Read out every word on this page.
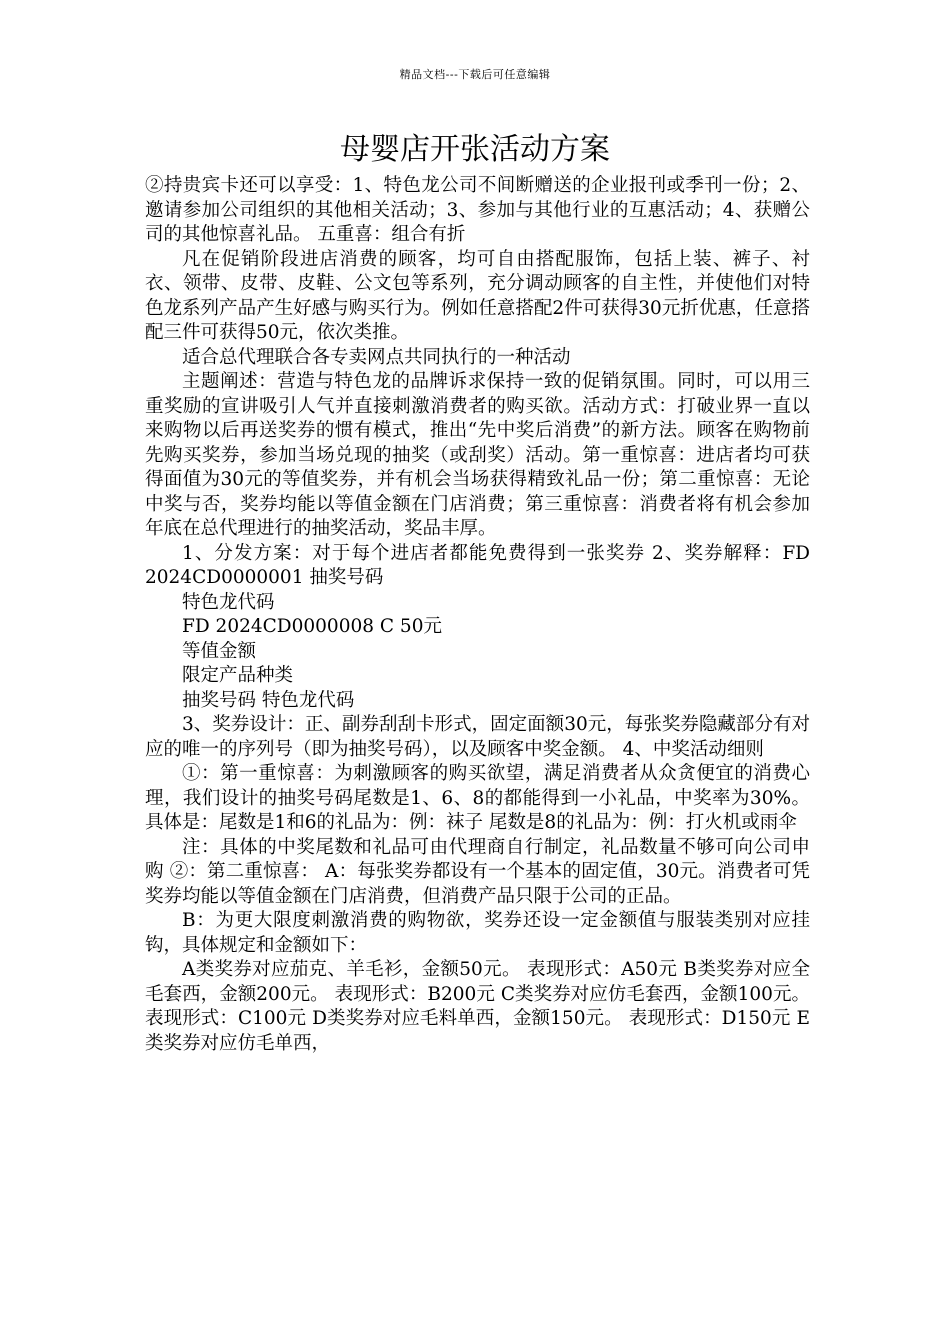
精品文档---下载后可任意编辑
母婴店开张活动方案

②持贵宾卡还可以享受：1、特色龙公司不间断赠送的企业报刊或季刊一份；2、邀请参加公司组织的其他相关活动；3、参加与其他行业的互惠活动；4、获赠公司的其他惊喜礼品。 五重喜：组合有折

凡在促销阶段进店消费的顾客，均可自由搭配服饰，包括上装、裤子、衬衣、领带、皮带、皮鞋、公文包等系列，充分调动顾客的自主性，并使他们对特色龙系列产品产生好感与购买行为。例如任意搭配2件可获得30元折优惠，任意搭配三件可获得50元，依次类推。

适合总代理联合各专卖网点共同执行的一种活动

主题阐述：营造与特色龙的品牌诉求保持一致的促销氛围。同时，可以用三重奖励的宣讲吸引人气并直接刺激消费者的购买欲。活动方式：打破业界一直以来购物以后再送奖券的惯有模式，推出“先中奖后消费”的新方法。顾客在购物前先购买奖券，参加当场兑现的抽奖（或刮奖）活动。第一重惊喜：进店者均可获得面值为30元的等值奖券，并有机会当场获得精致礼品一份；第二重惊喜：无论中奖与否，奖券均能以等值金额在门店消费；第三重惊喜：消费者将有机会参加年底在总代理进行的抽奖活动，奖品丰厚。

1、分发方案：对于每个进店者都能免费得到一张奖券 2、奖券解释：FD 2024CD0000001 抽奖号码

特色龙代码

FD 2024CD0000008 C 50元

等值金额

限定产品种类

抽奖号码 特色龙代码

3、奖券设计：正、副券刮刮卡形式，固定面额30元，每张奖券隐藏部分有对应的唯一的序列号（即为抽奖号码），以及顾客中奖金额。 4、中奖活动细则

①：第一重惊喜：为刺激顾客的购买欲望，满足消费者从众贪便宜的消费心理，我们设计的抽奖号码尾数是1、6、8的都能得到一小礼品，中奖率为30%。 具体是：尾数是1和6的礼品为：例：袜子 尾数是8的礼品为：例：打火机或雨伞

注：具体的中奖尾数和礼品可由代理商自行制定，礼品数量不够可向公司申购 ②：第二重惊喜： A：每张奖券都设有一个基本的固定值，30元。消费者可凭奖券均能以等值金额在门店消费，但消费产品只限于公司的正品。

B：为更大限度刺激消费的购物欲，奖券还设一定金额值与服装类别对应挂钩，具体规定和金额如下：

A类奖券对应茄克、羊毛衫，金额50元。 表现形式：A50元 B类奖券对应全毛套西，金额200元。 表现形式：B200元 C类奖券对应仿毛套西，金额100元。 表现形式：C100元 D类奖券对应毛料单西，金额150元。 表现形式：D150元 E类奖券对应仿毛单西，
